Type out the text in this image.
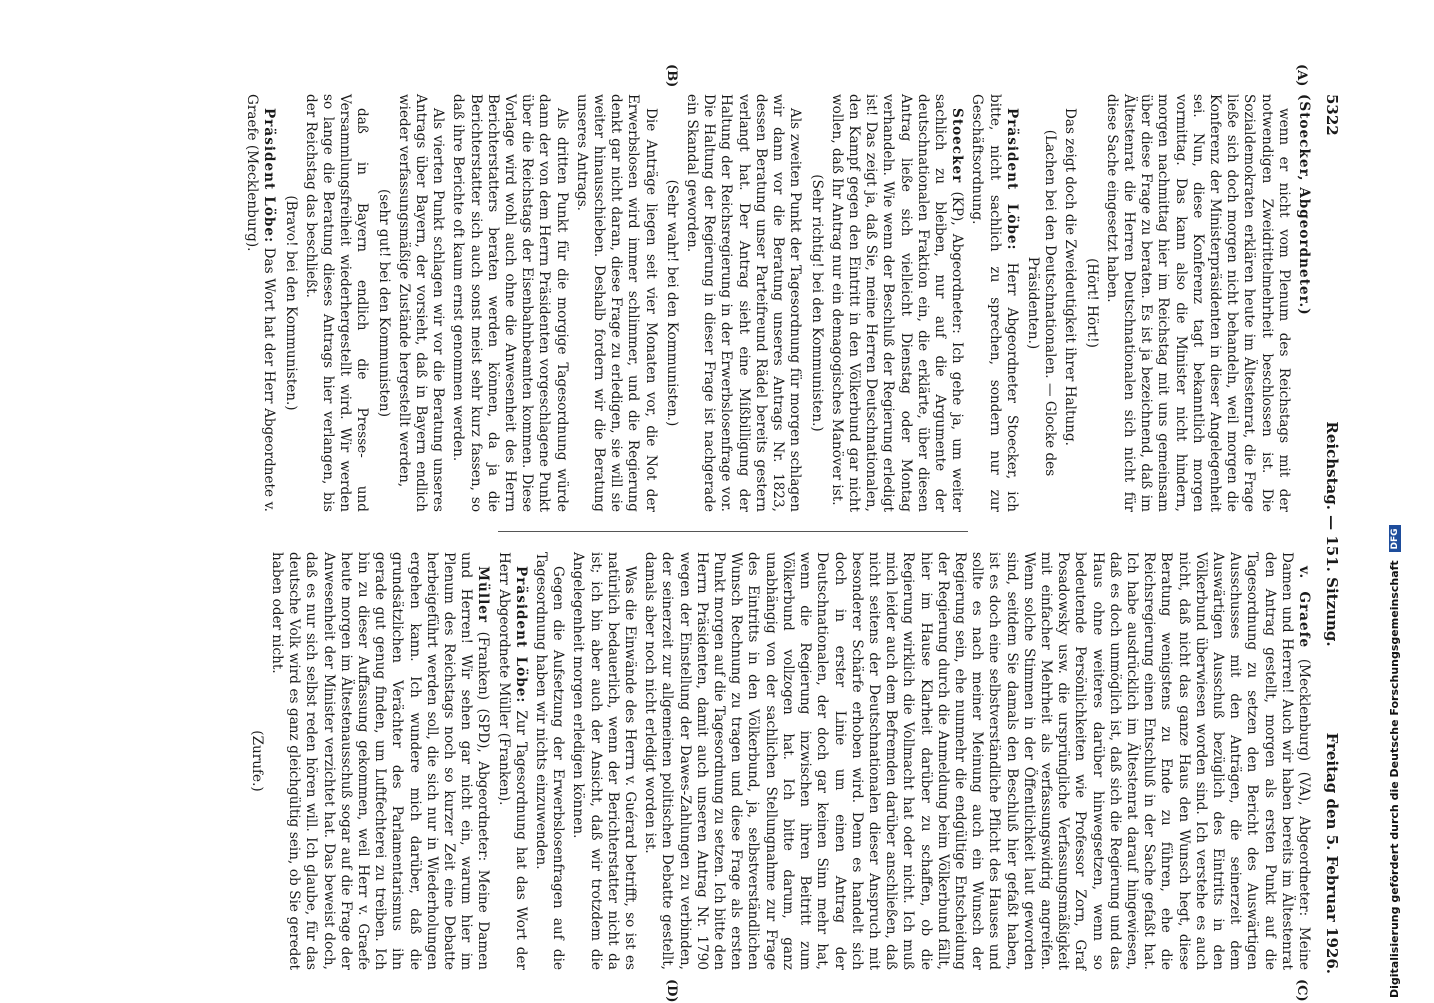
5322
Reichstag. — 151. Sitzung.
Freitag den 5. Februar 1926.
(A)
(B)
(C)
(D)

(Stoecker, Abgeordneter.)

wenn er nicht vom Plenum des Reichstags mit der notwendigen Zweidrittelmehrheit beschlossen ist. Die Sozialdemokraten erklären heute im Ältestenrat, die Frage ließe sich doch morgen nicht behandeln, weil morgen die Konferenz der Ministerpräsidenten in dieser Angelegenheit sei. Nun, diese Konferenz tagt bekanntlich morgen vormittag. Das kann also die Minister nicht hindern, morgen nachmittag hier im Reichstag mit uns gemeinsam über diese Frage zu beraten. Es ist ja bezeichnend, daß im Ältestenrat die Herren Deutschnationalen sich nicht für diese Sache eingesetzt haben.

(Hört! Hört!)

Das zeigt doch die Zweideutigkeit ihrer Haltung.

(Lachen bei den Deutschnationalen. — Glocke des Präsidenten.)

Präsident Löbe: Herr Abgeordneter Stoecker, ich bitte, nicht sachlich zu sprechen, sondern nur zur Geschäftsordnung.

Stoecker (KP), Abgeordneter: Ich gehe ja, um weiter sachlich zu bleiben, nur auf die Argumente der deutschnationalen Fraktion ein, die erklärte, über diesen Antrag ließe sich vielleicht Dienstag oder Montag verhandeln. Wie wenn der Beschluß der Regierung erledigt ist! Das zeigt ja, daß Sie, meine Herren Deutschnationalen, den Kampf gegen den Eintritt in den Völkerbund gar nicht wollen, daß Ihr Antrag nur ein demagogisches Manöver ist.

(Sehr richtig! bei den Kommunisten.)

Als zweiten Punkt der Tagesordnung für morgen schlagen wir dann vor die Beratung unseres Antrags Nr. 1823, dessen Beratung unser Parteifreund Rädel bereits gestern verlangt hat. Der Antrag sieht eine Mißbilligung der Haltung der Reichsregierung in der Erwerbslosenfrage vor. Die Haltung der Regierung in dieser Frage ist nachgerade ein Skandal geworden.

(Sehr wahr! bei den Kommunisten.)

Die Anträge liegen seit vier Monaten vor, die Not der Erwerbslosen wird immer schlimmer, und die Regierung denkt gar nicht daran, diese Frage zu erledigen, sie will sie weiter hinausschieben. Deshalb fordern wir die Beratung unseres Antrags.

Als dritten Punkt für die morgige Tagesordnung würde dann der von dem Herrn Präsidenten vorgeschlagene Punkt über die Reichstags der Eisenbahnbeamten kommen. Diese Vorlage wird wohl auch ohne die Anwesenheit des Herrn Berichterstatters beraten werden können, da ja die Berichterstatter sich auch sonst meist sehr kurz fassen, so daß ihre Berichte oft kaum ernst genommen werden.

Als vierten Punkt schlagen wir vor die Beratung unseres Antrags über Bayern, der vorsieht, daß in Bayern endlich wieder verfassungsmäßige Zustände hergestellt werden,

(sehr gut! bei den Kommunisten)

daß in Bayern endlich die Presse- und Versammlungsfreiheit wiederhergestellt wird. Wir werden so lange die Beratung dieses Antrags hier verlangen, bis der Reichstag das beschließt.

(Bravo! bei den Kommunisten.)

Präsident Löbe: Das Wort hat der Herr Abgeordnete v. Graefe (Mecklenburg).

v. Graefe (Mecklenburg) (VA), Abgeordneter: Meine Damen und Herren! Auch wir haben bereits im Ältestenrat den Antrag gestellt, morgen als ersten Punkt auf die Tagesordnung zu setzen den Bericht des Auswärtigen Ausschusses mit den Anträgen, die seinerzeit dem Auswärtigen Ausschuß bezüglich des Eintritts in den Völkerbund überwiesen worden sind. Ich verstehe es auch nicht, daß nicht das ganze Haus den Wunsch hegt, diese Beratung wenigstens zu Ende zu führen, ehe die Reichsregierung einen Entschluß in der Sache gefaßt hat. Ich habe ausdrücklich im Ältestenrat darauf hingewiesen, daß es doch unmöglich ist, daß sich die Regierung und das Haus ohne weiteres darüber hinwegsetzen, wenn so bedeutende Persönlichkeiten wie Professor Zorn, Graf Posadowsky usw. die ursprüngliche Verfassungsmäßigkeit mit einfacher Mehrheit als verfassungswidrig angreifen. Wenn solche Stimmen in der Öffentlichkeit laut geworden sind, seitdem Sie damals den Beschluß hier gefaßt haben, ist es doch eine selbstverständliche Pflicht des Hauses und sollte es nach meiner Meinung auch ein Wunsch der Regierung sein, ehe nunmehr die endgültige Entscheidung der Regierung durch die Anmeldung beim Völkerbund fällt, hier im Hause Klarheit darüber zu schaffen, ob die Regierung wirklich die Vollmacht hat oder nicht. Ich muß mich leider auch dem Befremden darüber anschließen, daß nicht seitens der Deutschnationalen dieser Anspruch mit besonderer Schärfe erhoben wird. Denn es handelt sich doch in erster Linie um einen Antrag der Deutschnationalen, der doch gar keinen Sinn mehr hat, wenn die Regierung inzwischen ihren Beitritt zum Völkerbund vollzogen hat. Ich bitte darum, ganz unabhängig von der sachlichen Stellungnahme zur Frage des Eintritts in den Völkerbund, ja, selbstverständlichen Wunsch Rechnung zu tragen und diese Frage als ersten Punkt morgen auf die Tagesordnung zu setzen. Ich bitte den Herrn Präsidenten, damit auch unseren Antrag Nr. 1790 wegen der Einstellung der Dawes-Zahlungen zu verbinden, der seinerzeit zur allgemeinen politischen Debatte gestellt, damals aber noch nicht erledigt worden ist.

Was die Einwände des Herrn v. Guérard betrifft, so ist es natürlich bedauerlich, wenn der Berichterstatter nicht da ist; ich bin aber auch der Ansicht, daß wir trotzdem die Angelegenheit morgen erledigen können.

Gegen die Aufsetzung der Erwerbslosenfragen auf die Tagesordnung haben wir nichts einzuwenden.

Präsident Löbe: Zur Tagesordnung hat das Wort der Herr Abgeordnete Müller (Franken).

Müller (Franken) (SPD), Abgeordneter: Meine Damen und Herren! Wir sehen gar nicht ein, warum hier im Plenum des Reichstags noch so kurzer Zeit eine Debatte herbeigeführt werden soll, die sich nur in Wiederholungen ergehen kann. Ich wundere mich darüber, daß die grundsätzlichen Verächter des Parlamentarismus ihn gerade gut genug finden, um Luftfechterei zu treiben. Ich bin zu dieser Auffassung gekommen, weil Herr v. Graefe heute morgen im Ältestenausschuß sogar auf die Frage der Anwesenheit der Minister verzichtet hat. Das beweist doch, daß es nur sich selbst reden hören will. Ich glaube, für das deutsche Volk wird es ganz gleichgültig sein, ob Sie geredet haben oder nicht.

(Zurufe.)	Digitalisierung gefördert durch die Deutsche Forschungsgemeinschaft DFG
